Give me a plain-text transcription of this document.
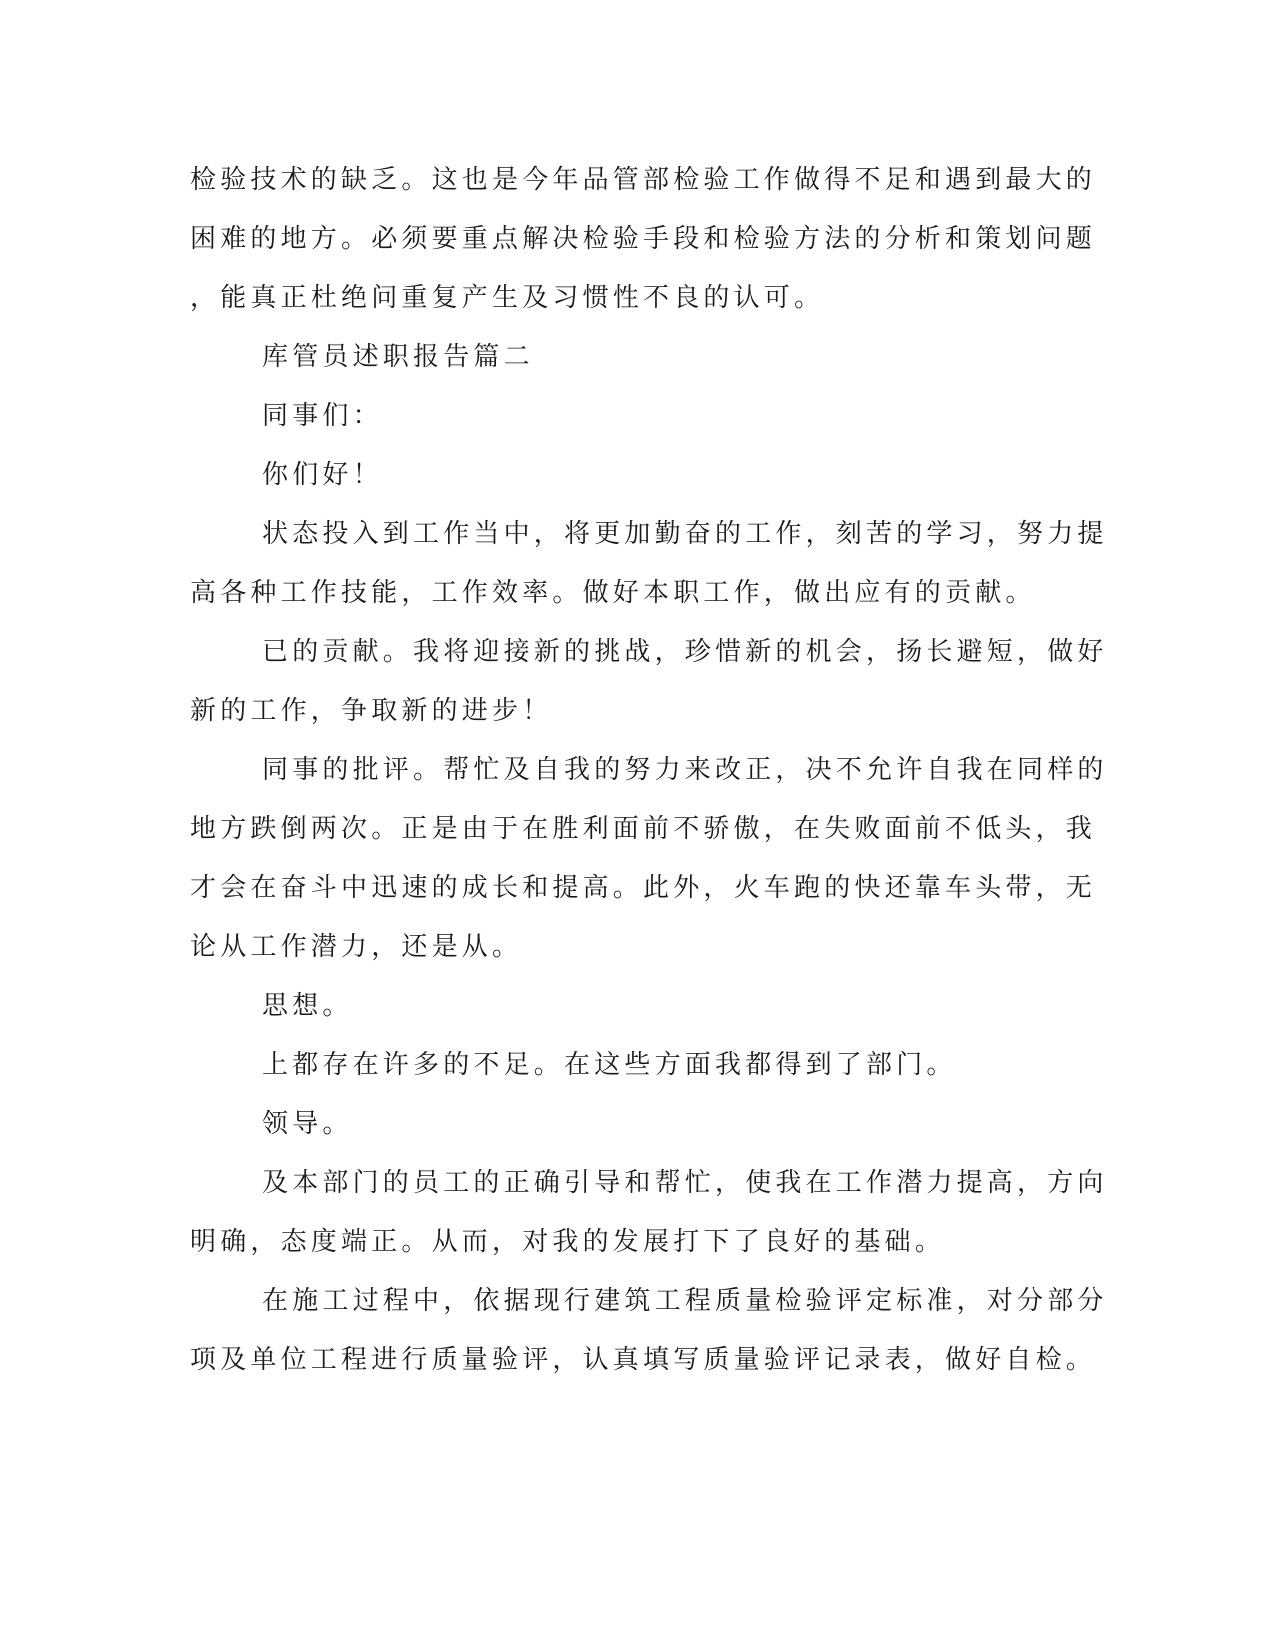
检验技术的缺乏。这也是今年品管部检验工作做得不足和遇到最大的
困难的地方。必须要重点解决检验手段和检验方法的分析和策划问题
，能真正杜绝问重复产生及习惯性不良的认可。
库管员述职报告篇二
同事们：
你们好！
状态投入到工作当中，将更加勤奋的工作，刻苦的学习，努力提
高各种工作技能，工作效率。做好本职工作，做出应有的贡献。
已的贡献。我将迎接新的挑战，珍惜新的机会，扬长避短，做好
新的工作，争取新的进步！
同事的批评。帮忙及自我的努力来改正，决不允许自我在同样的
地方跌倒两次。正是由于在胜利面前不骄傲，在失败面前不低头，我
才会在奋斗中迅速的成长和提高。此外，火车跑的快还靠车头带，无
论从工作潜力，还是从。
思想。
上都存在许多的不足。在这些方面我都得到了部门。
领导。
及本部门的员工的正确引导和帮忙，使我在工作潜力提高，方向
明确，态度端正。从而，对我的发展打下了良好的基础。
在施工过程中，依据现行建筑工程质量检验评定标准，对分部分
项及单位工程进行质量验评，认真填写质量验评记录表，做好自检。
